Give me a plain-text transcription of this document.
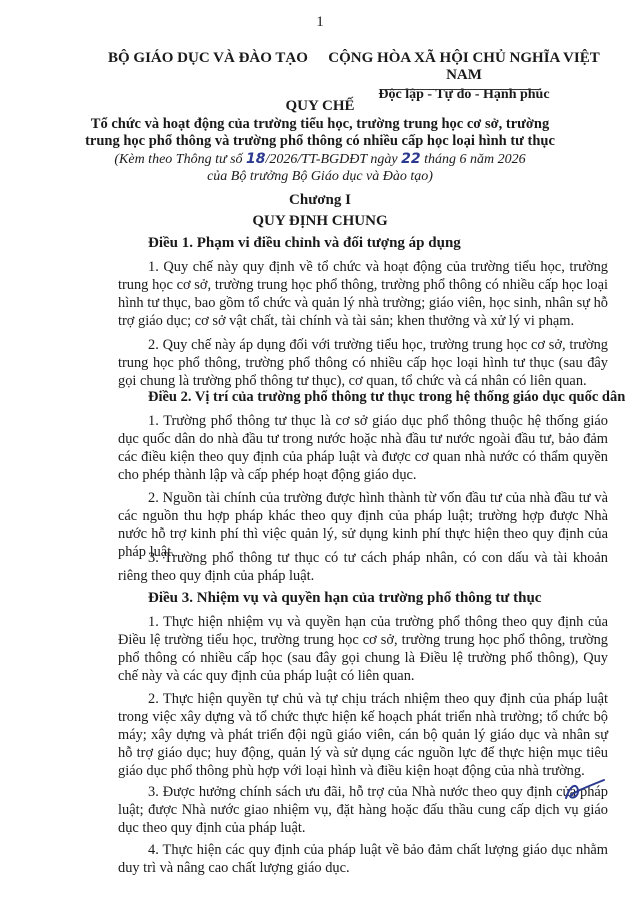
1
BỘ GIÁO DỤC VÀ ĐÀO TẠO	CỘNG HÒA XÃ HỘI CHỦ NGHĨA VIỆT NAM
Độc lập - Tự do - Hạnh phúc
QUY CHẾ
Tổ chức và hoạt động của trường tiểu học, trường trung học cơ sở, trường
trung học phổ thông và trường phổ thông có nhiều cấp học loại hình tư thục
(Kèm theo Thông tư số 18/2026/TT-BGDĐT ngày 22 tháng 6 năm 2026
của Bộ trưởng Bộ Giáo dục và Đào tạo)
Chương I
QUY ĐỊNH CHUNG
Điều 1. Phạm vi điều chỉnh và đối tượng áp dụng
1. Quy chế này quy định về tổ chức và hoạt động của trường tiểu học, trường trung học cơ sở, trường trung học phổ thông, trường phổ thông có nhiều cấp học loại hình tư thục, bao gồm tổ chức và quản lý nhà trường; giáo viên, học sinh, nhân sự hỗ trợ giáo dục; cơ sở vật chất, tài chính và tài sản; khen thưởng và xử lý vi phạm.
2. Quy chế này áp dụng đối với trường tiểu học, trường trung học cơ sở, trường trung học phổ thông, trường phổ thông có nhiều cấp học loại hình tư thục (sau đây gọi chung là trường phổ thông tư thục), cơ quan, tổ chức và cá nhân có liên quan.
Điều 2. Vị trí của trường phổ thông tư thục trong hệ thống giáo dục quốc dân
1. Trường phổ thông tư thục là cơ sở giáo dục phổ thông thuộc hệ thống giáo dục quốc dân do nhà đầu tư trong nước hoặc nhà đầu tư nước ngoài đầu tư, bảo đảm các điều kiện theo quy định của pháp luật và được cơ quan nhà nước có thẩm quyền cho phép thành lập và cấp phép hoạt động giáo dục.
2. Nguồn tài chính của trường được hình thành từ vốn đầu tư của nhà đầu tư và các nguồn thu hợp pháp khác theo quy định của pháp luật; trường hợp được Nhà nước hỗ trợ kinh phí thì việc quản lý, sử dụng kinh phí thực hiện theo quy định của pháp luật.
3. Trường phổ thông tư thục có tư cách pháp nhân, có con dấu và tài khoản riêng theo quy định của pháp luật.
Điều 3. Nhiệm vụ và quyền hạn của trường phổ thông tư thục
1. Thực hiện nhiệm vụ và quyền hạn của trường phổ thông theo quy định của Điều lệ trường tiểu học, trường trung học cơ sở, trường trung học phổ thông, trường phổ thông có nhiều cấp học (sau đây gọi chung là Điều lệ trường phổ thông), Quy chế này và các quy định của pháp luật có liên quan.
2. Thực hiện quyền tự chủ và tự chịu trách nhiệm theo quy định của pháp luật trong việc xây dựng và tổ chức thực hiện kế hoạch phát triển nhà trường; tổ chức bộ máy; xây dựng và phát triển đội ngũ giáo viên, cán bộ quản lý giáo dục và nhân sự hỗ trợ giáo dục; huy động, quản lý và sử dụng các nguồn lực để thực hiện mục tiêu giáo dục phổ thông phù hợp với loại hình và điều kiện hoạt động của nhà trường.
3. Được hưởng chính sách ưu đãi, hỗ trợ của Nhà nước theo quy định của pháp luật; được Nhà nước giao nhiệm vụ, đặt hàng hoặc đấu thầu cung cấp dịch vụ giáo dục theo quy định của pháp luật.
4. Thực hiện các quy định của pháp luật về bảo đảm chất lượng giáo dục nhằm duy trì và nâng cao chất lượng giáo dục.
